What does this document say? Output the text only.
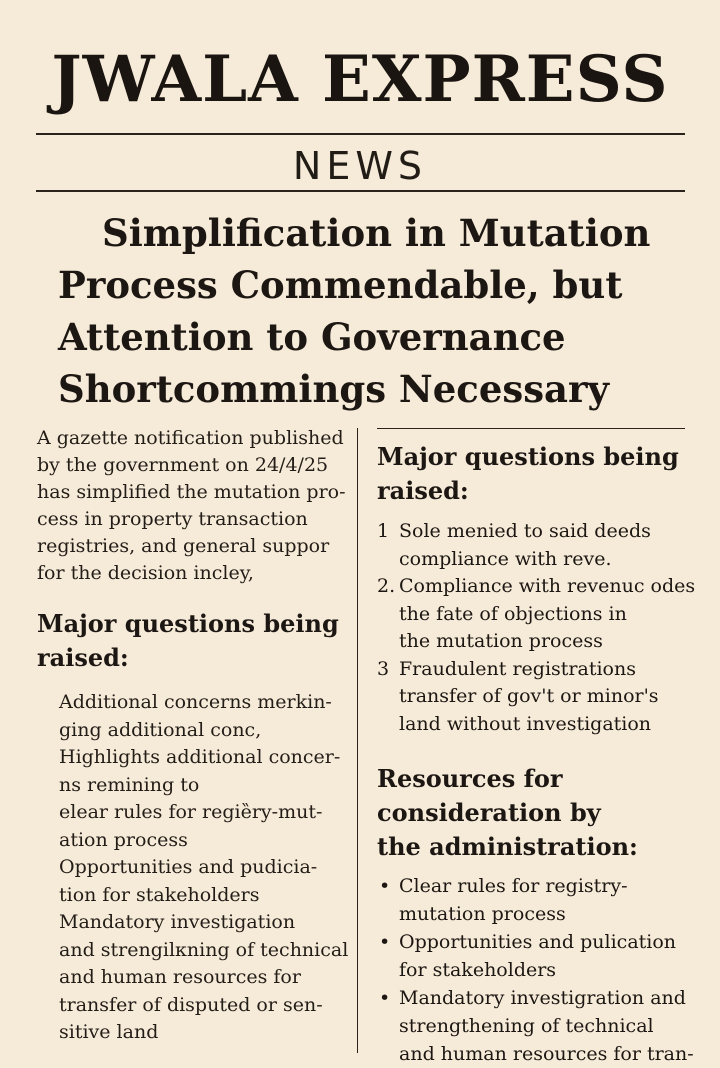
JWALA EXPRESS
NEWS
Simplification in Mutation
Process Commendable, but
Attention to Governance
Shortcommings Necessary
A gazette notification published
by the government on 24/4/25
has simplified the mutation pro-
cess in property transaction
registries, and general suppor
for the decision incley,
Major questions being
raised:
Additional concerns merkin-
ging additional conc,
Highlights additional concer-
ns remining to
elear rules for regiȅry-mut-
ation process
Opportunities and pudicia-
tion for stakeholders
Mandatory investigation
and strengilκning of technical
and human resources for
transfer of disputed or sen-
sitive land
Major questions being
raised:
1 Sole menied to said deeds
compliance with reve.
2. Compliance with revenuc odes
the fate of objections in
the mutation process
3 Fraudulent registrations
transfer of gov't or minor's
land without investigation
Resources for
consideration by
the administration:
• Clear rules for registry-
mutation process
• Opportunities and pulication
for stakeholders
• Mandatory investigration and
strengthening of technical
and human resources for tran-
